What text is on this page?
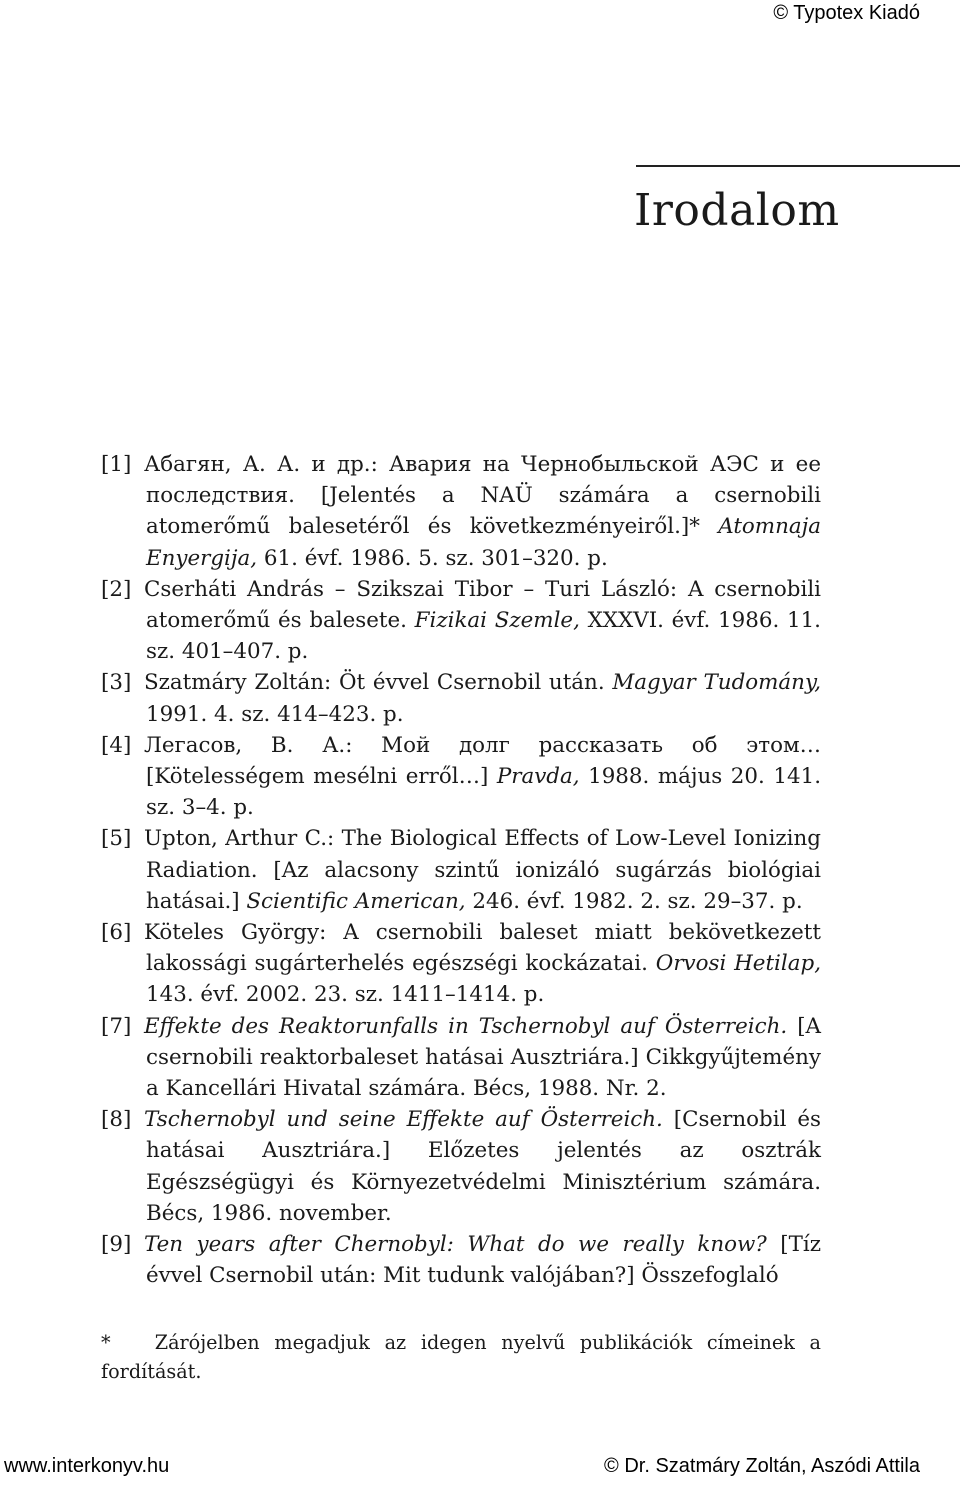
© Typotex Kiadó
Irodalom

[1] Абагян, А. А. и др.: Авария на Чернобыльской АЭС и ее последствия. [Jelentés a NAÜ számára a csernobili atomerőmű balesetéről és következményeiről.]* Atomnaja Enyergija, 61. évf. 1986. 5. sz. 301–320. p.

[2] Cserháti András – Szikszai Tibor – Turi László: A csernobili atomerőmű és balesete. Fizikai Szemle, XXXVI. évf. 1986. 11. sz. 401–407. p.

[3] Szatmáry Zoltán: Öt évvel Csernobil után. Magyar Tudomány, 1991. 4. sz. 414–423. p.

[4] Легасов, В. А.: Мой долг рассказать об этом… [Kötelességem mesélni erről…] Pravda, 1988. május 20. 141. sz. 3–4. p.

[5] Upton, Arthur C.: The Biological Effects of Low-Level Ionizing Radiation. [Az alacsony szintű ionizáló sugárzás biológiai hatásai.] Scientific American, 246. évf. 1982. 2. sz. 29–37. p.

[6] Köteles György: A csernobili baleset miatt bekövetkezett lakossági sugárterhelés egészségi kockázatai. Orvosi Hetilap, 143. évf. 2002. 23. sz. 1411–1414. p.

[7] Effekte des Reaktorunfalls in Tschernobyl auf Österreich. [A csernobili reaktorbaleset hatásai Ausztriára.] Cikkgyűjtemény a Kancellári Hivatal számára. Bécs, 1988. Nr. 2.

[8] Tschernobyl und seine Effekte auf Österreich. [Csernobil és hatásai Ausztriára.] Előzetes jelentés az osztrák Egészségügyi és Környezetvédelmi Minisztérium számára. Bécs, 1986. november.

[9] Ten years after Chernobyl: What do we really know? [Tíz évvel Csernobil után: Mit tudunk valójában?] Összefoglaló

* Zárójelben megadjuk az idegen nyelvű publikációk címeinek a fordítását.
www.interkonyv.hu	© Dr. Szatmáry Zoltán, Aszódi Attila
